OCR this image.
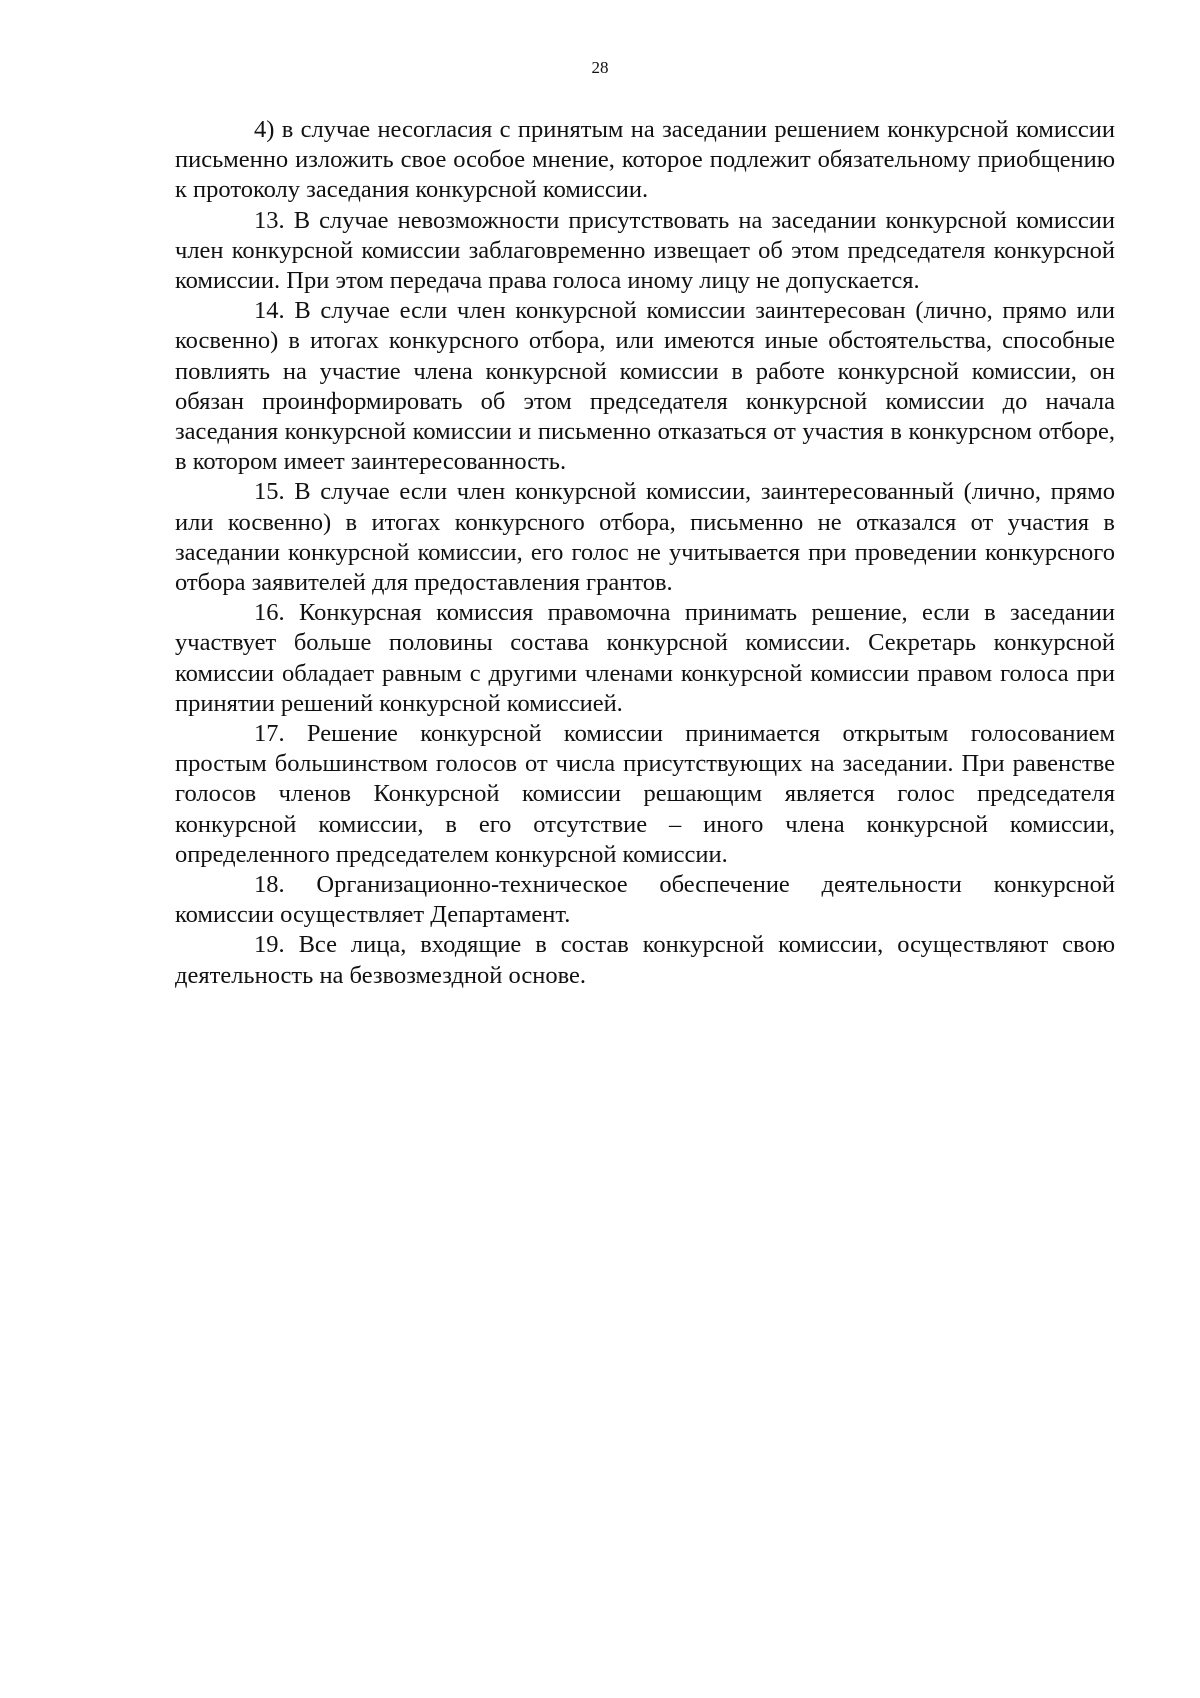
28

4) в случае несогласия с принятым на заседании решением конкурсной комиссии письменно изложить свое особое мнение, которое подлежит обязательному приобщению к протоколу заседания конкурсной комиссии.

13. В случае невозможности присутствовать на заседании конкурсной комиссии член конкурсной комиссии заблаговременно извещает об этом председателя конкурсной комиссии. При этом передача права голоса иному лицу не допускается.

14. В случае если член конкурсной комиссии заинтересован (лично, прямо или косвенно) в итогах конкурсного отбора, или имеются иные обстоятельства, способные повлиять на участие члена конкурсной комиссии в работе конкурсной комиссии, он обязан проинформировать об этом председателя конкурсной комиссии до начала заседания конкурсной комиссии и письменно отказаться от участия в конкурсном отборе, в котором имеет заинтересованность.

15. В случае если член конкурсной комиссии, заинтересованный (лично, прямо или косвенно) в итогах конкурсного отбора, письменно не отказался от участия в заседании конкурсной комиссии, его голос не учитывается при проведении конкурсного отбора заявителей для предоставления грантов.

16. Конкурсная комиссия правомочна принимать решение, если в заседании участвует больше половины состава конкурсной комиссии. Секретарь конкурсной комиссии обладает равным с другими членами конкурсной комиссии правом голоса при принятии решений конкурсной комиссией.

17. Решение конкурсной комиссии принимается открытым голосованием простым большинством голосов от числа присутствующих на заседании. При равенстве голосов членов Конкурсной комиссии решающим является голос председателя конкурсной комиссии, в его отсутствие – иного члена конкурсной комиссии, определенного председателем конкурсной комиссии.

18. Организационно-техническое обеспечение деятельности конкурсной комиссии осуществляет Департамент.

19. Все лица, входящие в состав конкурсной комиссии, осуществляют свою деятельность на безвозмездной основе.
